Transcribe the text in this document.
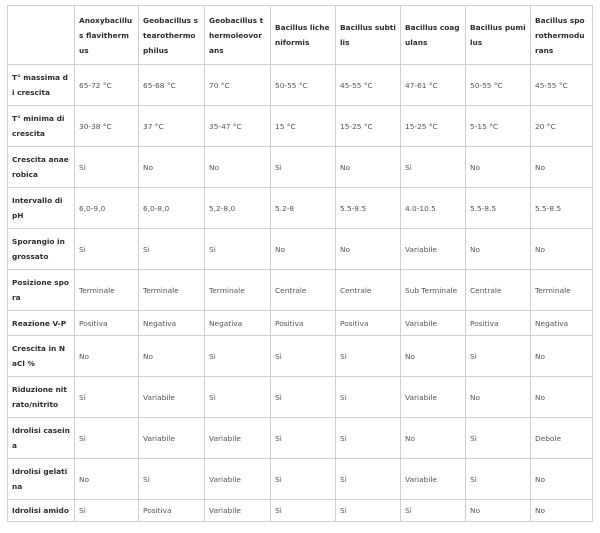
	Anoxybacillus flavithermus	Geobacillus stearothermophilus	Geobacillus thermoleovorans	Bacillus licheniformis	Bacillus subtilis	Bacillus coagulans	Bacillus pumilus	Bacillus sporothermodurans
T° massima di crescita	65-72 °C	65-68 °C	70 °C	50-55 °C	45-55 °C	47-61 °C	50-55 °C	45-55 °C
T° minima di crescita	30-38 °C	37 °C	35-47 °C	15 °C	15-25 °C	15-25 °C	5-15 °C	20 °C
Crescita anaerobica	Sì	No	No	Sì	No	Sì	No	No
Intervallo di pH	6,0-9,0	6,0-8,0	5,2-8,0	5.2-8	5.5-8.5	4.0-10.5	5.5-8.5	5.5-8.5
Sporangio ingrossato	Sì	Sì	Sì	No	No	Variabile	No	No
Posizione spora	Terminale	Terminale	Terminale	Centrale	Centrale	Sub Terminale	Centrale	Terminale
Reazione V-P	Positiva	Negativa	Negativa	Positiva	Positiva	Variabile	Positiva	Negativa
Crescita in NaCl %	No	No	Sì	Sì	Sì	No	Sì	No
Riduzione nitrato/nitrito	Sì	Variabile	Sì	Sì	Sì	Variabile	No	No
Idrolisi caseina	Sì	Variabile	Variabile	Sì	Sì	No	Sì	Debole
Idrolisi gelatina	No	Sì	Variabile	Sì	Sì	Variabile	Sì	No
Idrolisi amido	Sì	Positiva	Variabile	Sì	Sì	Sì	No	No
